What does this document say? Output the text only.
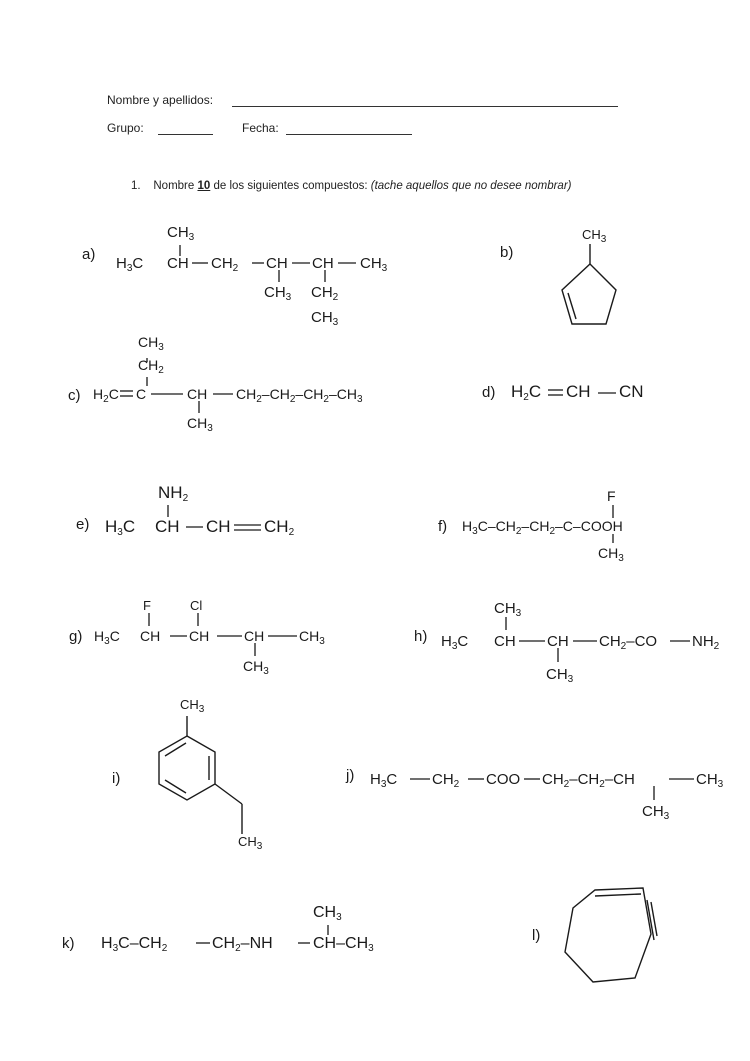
Nombre y apellidos:
Grupo:	Fecha:
1. Nombre 10 de los siguientes compuestos: (tache aquellos que no desee nombrar)
a)
$CH_3$
$H_3C$ CH $CH_2$ CH CH $CH_3$
$CH_3$ $CH_2$
$CH_3$
b)
$CH_3$
c)
$CH_3$
$CH_2$
$H_2C$ C	CH $CH_2-CH_2-CH_2-CH_3$
$CH_3$
d) $H_2C$ CH CN
e)
$NH_2$
$H_3C$ CH CH $CH_2$	f)
F
$H_3C-CH_2-CH_2-C$–COOH
$CH_3$
g)
F	Cl
$H_3C$ CH CH CH $CH_3$
$CH_3$
h)
$CH_3$
$H_3C$ CH CH $CH_2-CO$ $NH_2$
$CH_3$
i)
$CH_3$
$CH_3$
j) $H_3C$ $CH_2$ COO $CH_2-CH_2-CH$	$CH_3$
$CH_3$
k)
$CH_3$
$H_3C-CH_2$	$CH_2-NH$	$CH-CH_3$
l)
